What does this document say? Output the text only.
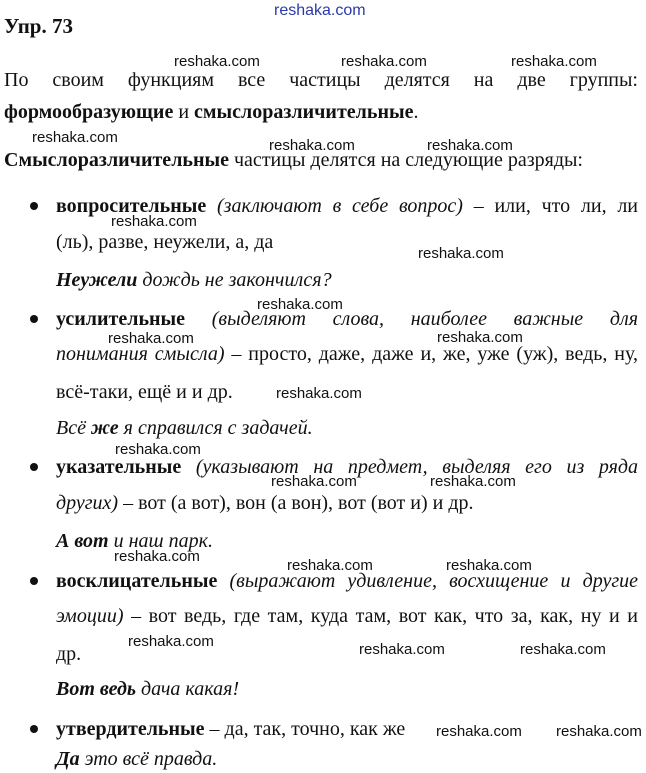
reshaka.com
reshaka.com	reshaka.com	reshaka.com
reshaka.com	reshaka.com	reshaka.com
reshaka.com
reshaka.com
reshaka.com
reshaka.com	reshaka.com
reshaka.com
reshaka.com
reshaka.com	reshaka.com
reshaka.com
reshaka.com	reshaka.com
reshaka.com	reshaka.com	reshaka.com
reshaka.com reshaka.com
Упр. 73
По своим функциям все частицы делятся на две группы:
формообразующие и смыслоразличительные.
Смыслоразличительные частицы делятся на следующие разряды:
вопросительные (заключают в себе вопрос) – или, что ли, ли
(ль), разве, неужели, а, да
Неужели дождь не закончился?
усилительные (выделяют слова, наиболее важные для
понимания смысла) – просто, даже, даже и, же, уже (уж), ведь, ну,
всё-таки, ещё и и др.
Всё же я справился с задачей.
указательные (указывают на предмет, выделяя его из ряда
других) – вот (а вот), вон (а вон), вот (вот и) и др.
А вот и наш парк.
восклицательные (выражают удивление, восхищение и другие
эмоции) – вот ведь, где там, куда там, вот как, что за, как, ну и и
др.
Вот ведь дача какая!
утвердительные – да, так, точно, как же
Да это всё правда.
